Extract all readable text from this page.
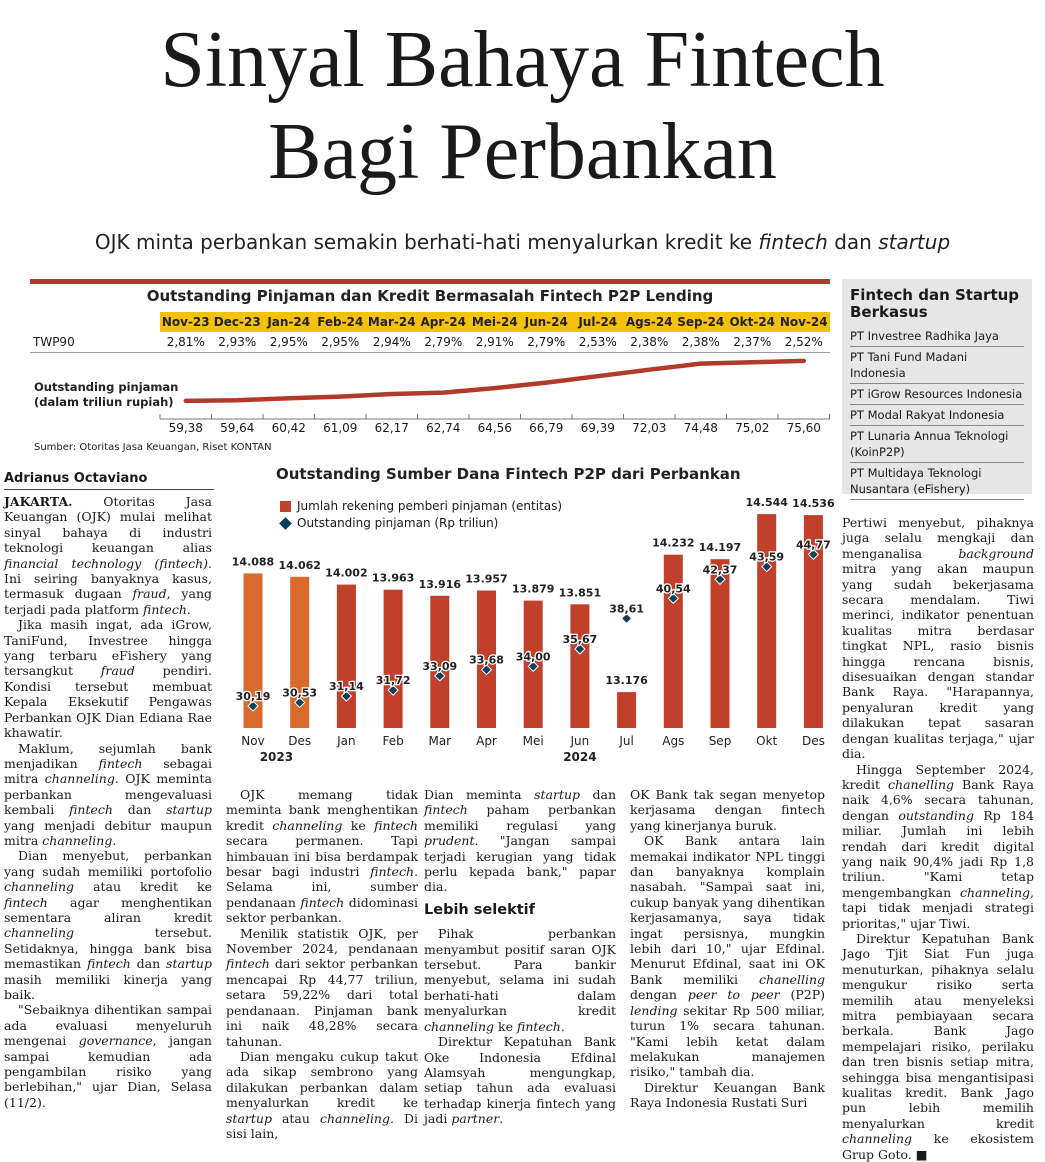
Sinyal Bahaya Fintech
Bagi Perbankan
OJK minta perbankan semakin berhati-hati menyalurkan kredit ke fintech dan startup
Outstanding Pinjaman dan Kredit Bermasalah Fintech P2P Lending
	Nov-23	Dec-23	Jan-24	Feb-24	Mar-24	Apr-24	Mei-24	Jun-24	Jul-24	Ags-24	Sep-24	Okt-24	Nov-24
TWP90	2,81%	2,93%	2,95%	2,95%	2,94%	2,79%	2,91%	2,79%	2,53%	2,38%	2,38%	2,37%	2,52%
Outstanding pinjaman
(dalam triliun rupiah)
59,38	59,64	60,42	61,09	62,17	62,74	64,56	66,79	69,39	72,03	74,48	75,02	75,60
Sumber: Otoritas Jasa Keuangan, Riset KONTAN
Fintech dan Startup Berkasus
PT Investree Radhika Jaya
PT Tani Fund Madani Indonesia
PT iGrow Resources Indonesia
PT Modal Rakyat Indonesia
PT Lunaria Annua Teknologi (KoinP2P)
PT Multidaya Teknologi Nusantara (eFishery)
Outstanding Sumber Dana Fintech P2P dari Perbankan
Jumlah rekening pemberi pinjaman (entitas)
Outstanding pinjaman (Rp triliun)
14.088
30,19
Nov
14.062
30,53
Des
14.002
31,14
Jan
13.963
31,72
Feb
13.916
33,09
Mar
13.957
33,68
Apr
13.879
34,00
Mei
13.851
35,67
Jun
13.176
38,61
Jul
14.232
40,54
Ags
14.197
42,37
Sep
14.544
43,59
Okt
14.536
44,77
Des
2023	2024
Adrianus Octaviano

JAKARTA. Otoritas Jasa Keuangan (OJK) mulai melihat sinyal bahaya di industri teknologi keuangan alias financial technology (fintech). Ini seiring banyaknya kasus, termasuk dugaan fraud, yang terjadi pada platform fintech.

Jika masih ingat, ada iGrow, TaniFund, Investree hingga yang terbaru eFishery yang tersangkut fraud pendiri. Kondisi tersebut membuat Kepala Eksekutif Pengawas Perbankan OJK Dian Ediana Rae khawatir.

Maklum, sejumlah bank menjadikan fintech sebagai mitra channeling. OJK meminta perbankan mengevaluasi kembali fintech dan startup yang menjadi debitur maupun mitra channeling.

Dian menyebut, perbankan yang sudah memiliki portofolio channeling atau kredit ke fintech agar menghentikan sementara aliran kredit channeling tersebut. Setidaknya, hingga bank bisa memastikan fintech dan startup masih memiliki kinerja yang baik.

"Sebaiknya dihentikan sampai ada evaluasi menyeluruh mengenai governance, jangan sampai kemudian ada pengambilan risiko yang berlebihan," ujar Dian, Selasa (11/2).

OJK memang tidak meminta bank menghentikan kredit channeling ke fintech secara permanen. Tapi himbauan ini bisa berdampak besar bagi industri fintech. Selama ini, sumber pendanaan fintech didominasi sektor perbankan.

Menilik statistik OJK, per November 2024, pendanaan fintech dari sektor perbankan mencapai Rp 44,77 triliun, setara 59,22% dari total pendanaan. Pinjaman bank ini naik 48,28% secara tahunan.

Dian mengaku cukup takut ada sikap sembrono yang dilakukan perbankan dalam menyalurkan kredit ke startup atau channeling. Di sisi lain,

Dian meminta startup dan fintech paham perbankan memiliki regulasi yang prudent. "Jangan sampai terjadi kerugian yang tidak perlu kepada bank," papar dia.

Lebih selektif

Pihak perbankan menyambut positif saran OJK tersebut. Para bankir menyebut, selama ini sudah berhati-hati dalam menyalurkan kredit channeling ke fintech.

Direktur Kepatuhan Bank Oke Indonesia Efdinal Alamsyah mengungkap, setiap tahun ada evaluasi terhadap kinerja fintech yang jadi partner.

OK Bank tak segan menyetop kerjasama dengan fintech yang kinerjanya buruk.

OK Bank antara lain memakai indikator NPL tinggi dan banyaknya komplain nasabah. "Sampai saat ini, cukup banyak yang dihentikan kerjasamanya, saya tidak ingat persisnya, mungkin lebih dari 10," ujar Efdinal. Menurut Efdinal, saat ini OK Bank memiliki chanelling dengan peer to peer (P2P) lending sekitar Rp 500 miliar, turun 1% secara tahunan. "Kami lebih ketat dalam melakukan manajemen risiko," tambah dia.

Direktur Keuangan Bank Raya Indonesia Rustati Suri

Pertiwi menyebut, pihaknya juga selalu mengkaji dan menganalisa background mitra yang akan maupun yang sudah bekerjasama secara mendalam. Tiwi merinci, indikator penentuan kualitas mitra berdasar tingkat NPL, rasio bisnis hingga rencana bisnis, disesuaikan dengan standar Bank Raya. "Harapannya, penyaluran kredit yang dilakukan tepat sasaran dengan kualitas terjaga," ujar dia.

Hingga September 2024, kredit chanelling Bank Raya naik 4,6% secara tahunan, dengan outstanding Rp 184 miliar. Jumlah ini lebih rendah dari kredit digital yang naik 90,4% jadi Rp 1,8 triliun. "Kami tetap mengembangkan channeling, tapi tidak menjadi strategi prioritas," ujar Tiwi.

Direktur Kepatuhan Bank Jago Tjit Siat Fun juga menuturkan, pihaknya selalu mengukur risiko serta memilih atau menyeleksi mitra pembiayaan secara berkala. Bank Jago mempelajari risiko, perilaku dan tren bisnis setiap mitra, sehingga bisa mengantisipasi kualitas kredit. Bank Jago pun lebih memilih menyalurkan kredit channeling ke ekosistem Grup Goto. ■
